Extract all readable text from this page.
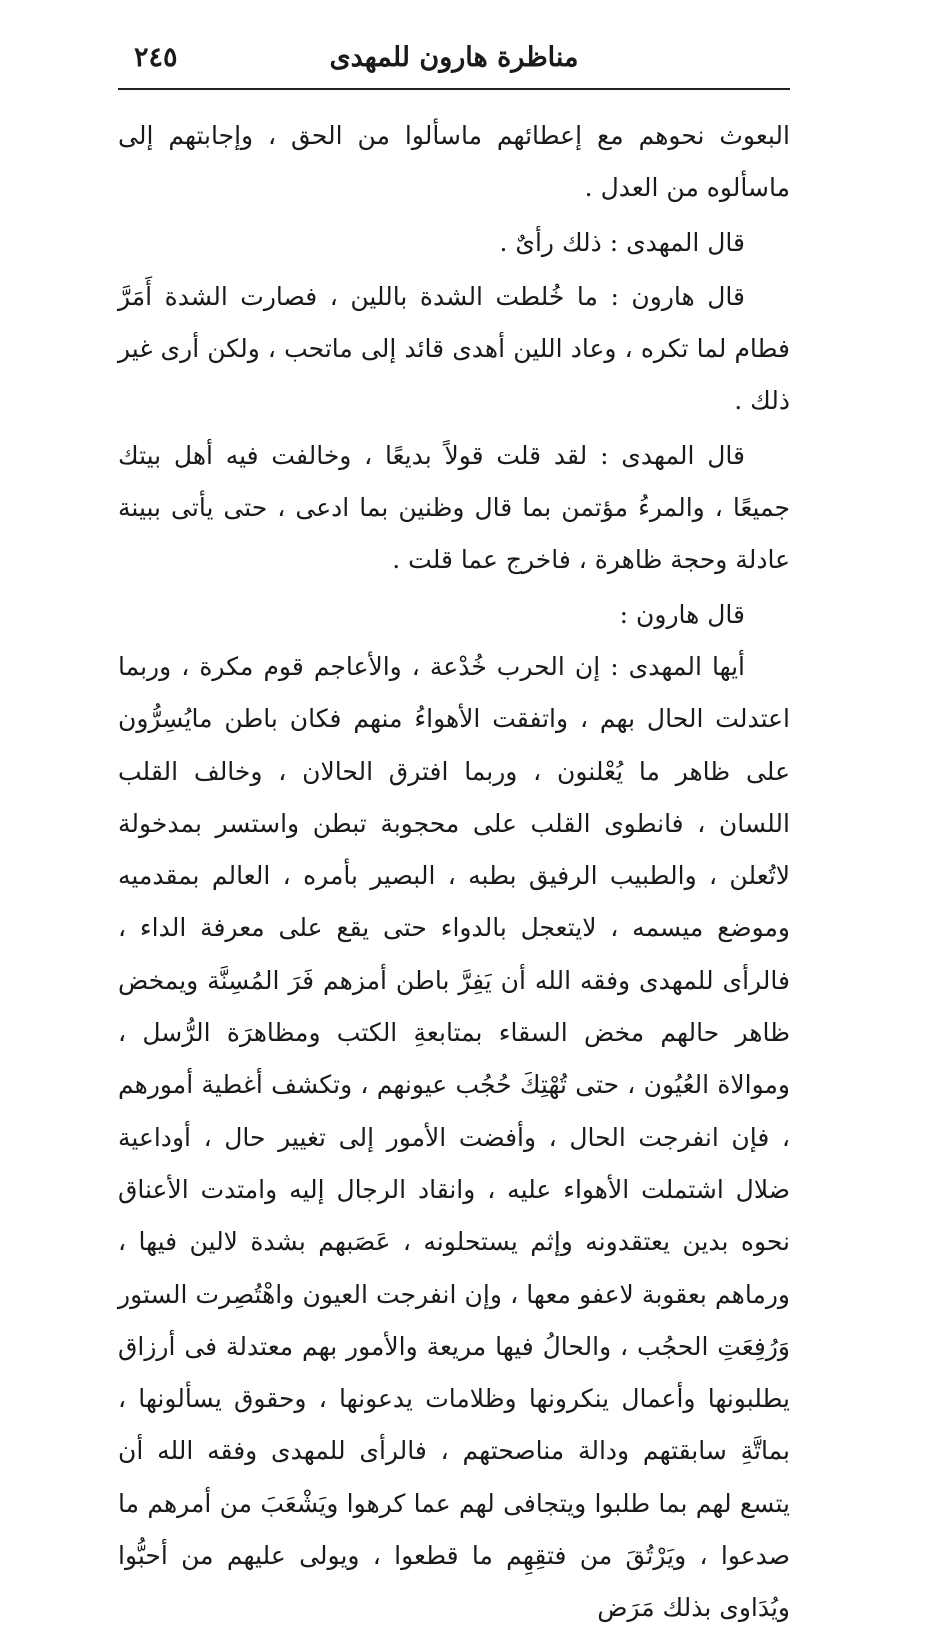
٢٤٥	مناظرة هارون للمهدى

البعوث نحوهم مع إعطائهم ماسألوا من الحق ، وإجابتهم إلى ماسألوه من العدل .

قال المهدى : ذلك رأىٌ .

قال هارون : ما خُلطت الشدة باللين ، فصارت الشدة أَمَرَّ فطام لما تكره ، وعاد اللين أهدى قائد إلى ماتحب ، ولكن أرى غير ذلك .

قال المهدى : لقد قلت قولاً بديعًا ، وخالفت فيه أهل بيتك جميعًا ، والمرءُ مؤتمن بما قال وظنين بما ادعى ، حتى يأتى ببينة عادلة وحجة ظاهرة ، فاخرج عما قلت .

قال هارون :

أيها المهدى : إن الحرب خُدْعة ، والأعاجم قوم مكرة ، وربما اعتدلت الحال بهم ، واتفقت الأهواءُ منهم فكان باطن مايُسِرُّون على ظاهر ما يُعْلنون ، وربما افترق الحالان ، وخالف القلب اللسان ، فانطوى القلب على محجوبة تبطن واستسر بمدخولة لاتُعلن ، والطبيب الرفيق بطبه ، البصير بأمره ، العالم بمقدميه وموضع ميسمه ، لايتعجل بالدواء حتى يقع على معرفة الداء ، فالرأى للمهدى وفقه الله أن يَفِرَّ باطن أمزهم فَرَ المُسِنَّة ويمخض ظاهر حالهم مخض السقاء بمتابعةِ الكتب ومظاهرَة الرُّسل ، وموالاة العُيُون ، حتى تُهْتِكَ حُجُب عيونهم ، وتكشف أغطية أمورهم ، فإن انفرجت الحال ، وأفضت الأمور إلى تغيير حال ، أوداعية ضلال اشتملت الأهواء عليه ، وانقاد الرجال إليه وامتدت الأعناق نحوه بدين يعتقدونه وإثم يستحلونه ، عَصَبهم بشدة لالين فيها ، ورماهم بعقوبة لاعفو معها ، وإن انفرجت العيون واهْتُصِرت الستور وَرُفِعَتِ الحجُب ، والحالُ فيها مريعة والأمور بهم معتدلة فى أرزاق يطلبونها وأعمال ينكرونها وظلامات يدعونها ، وحقوق يسألونها ، بماتَّةِ سابقتهم ودالة مناصحتهم ، فالرأى للمهدى وفقه الله أن يتسع لهم بما طلبوا ويتجافى لهم عما كرهوا ويَشْعَبَ من أمرهم ما صدعوا ، ويَرْتُقَ من فتقِهِم ما قطعوا ، ويولى عليهم من أحبُّوا ويُدَاوى بذلك مَرَض
